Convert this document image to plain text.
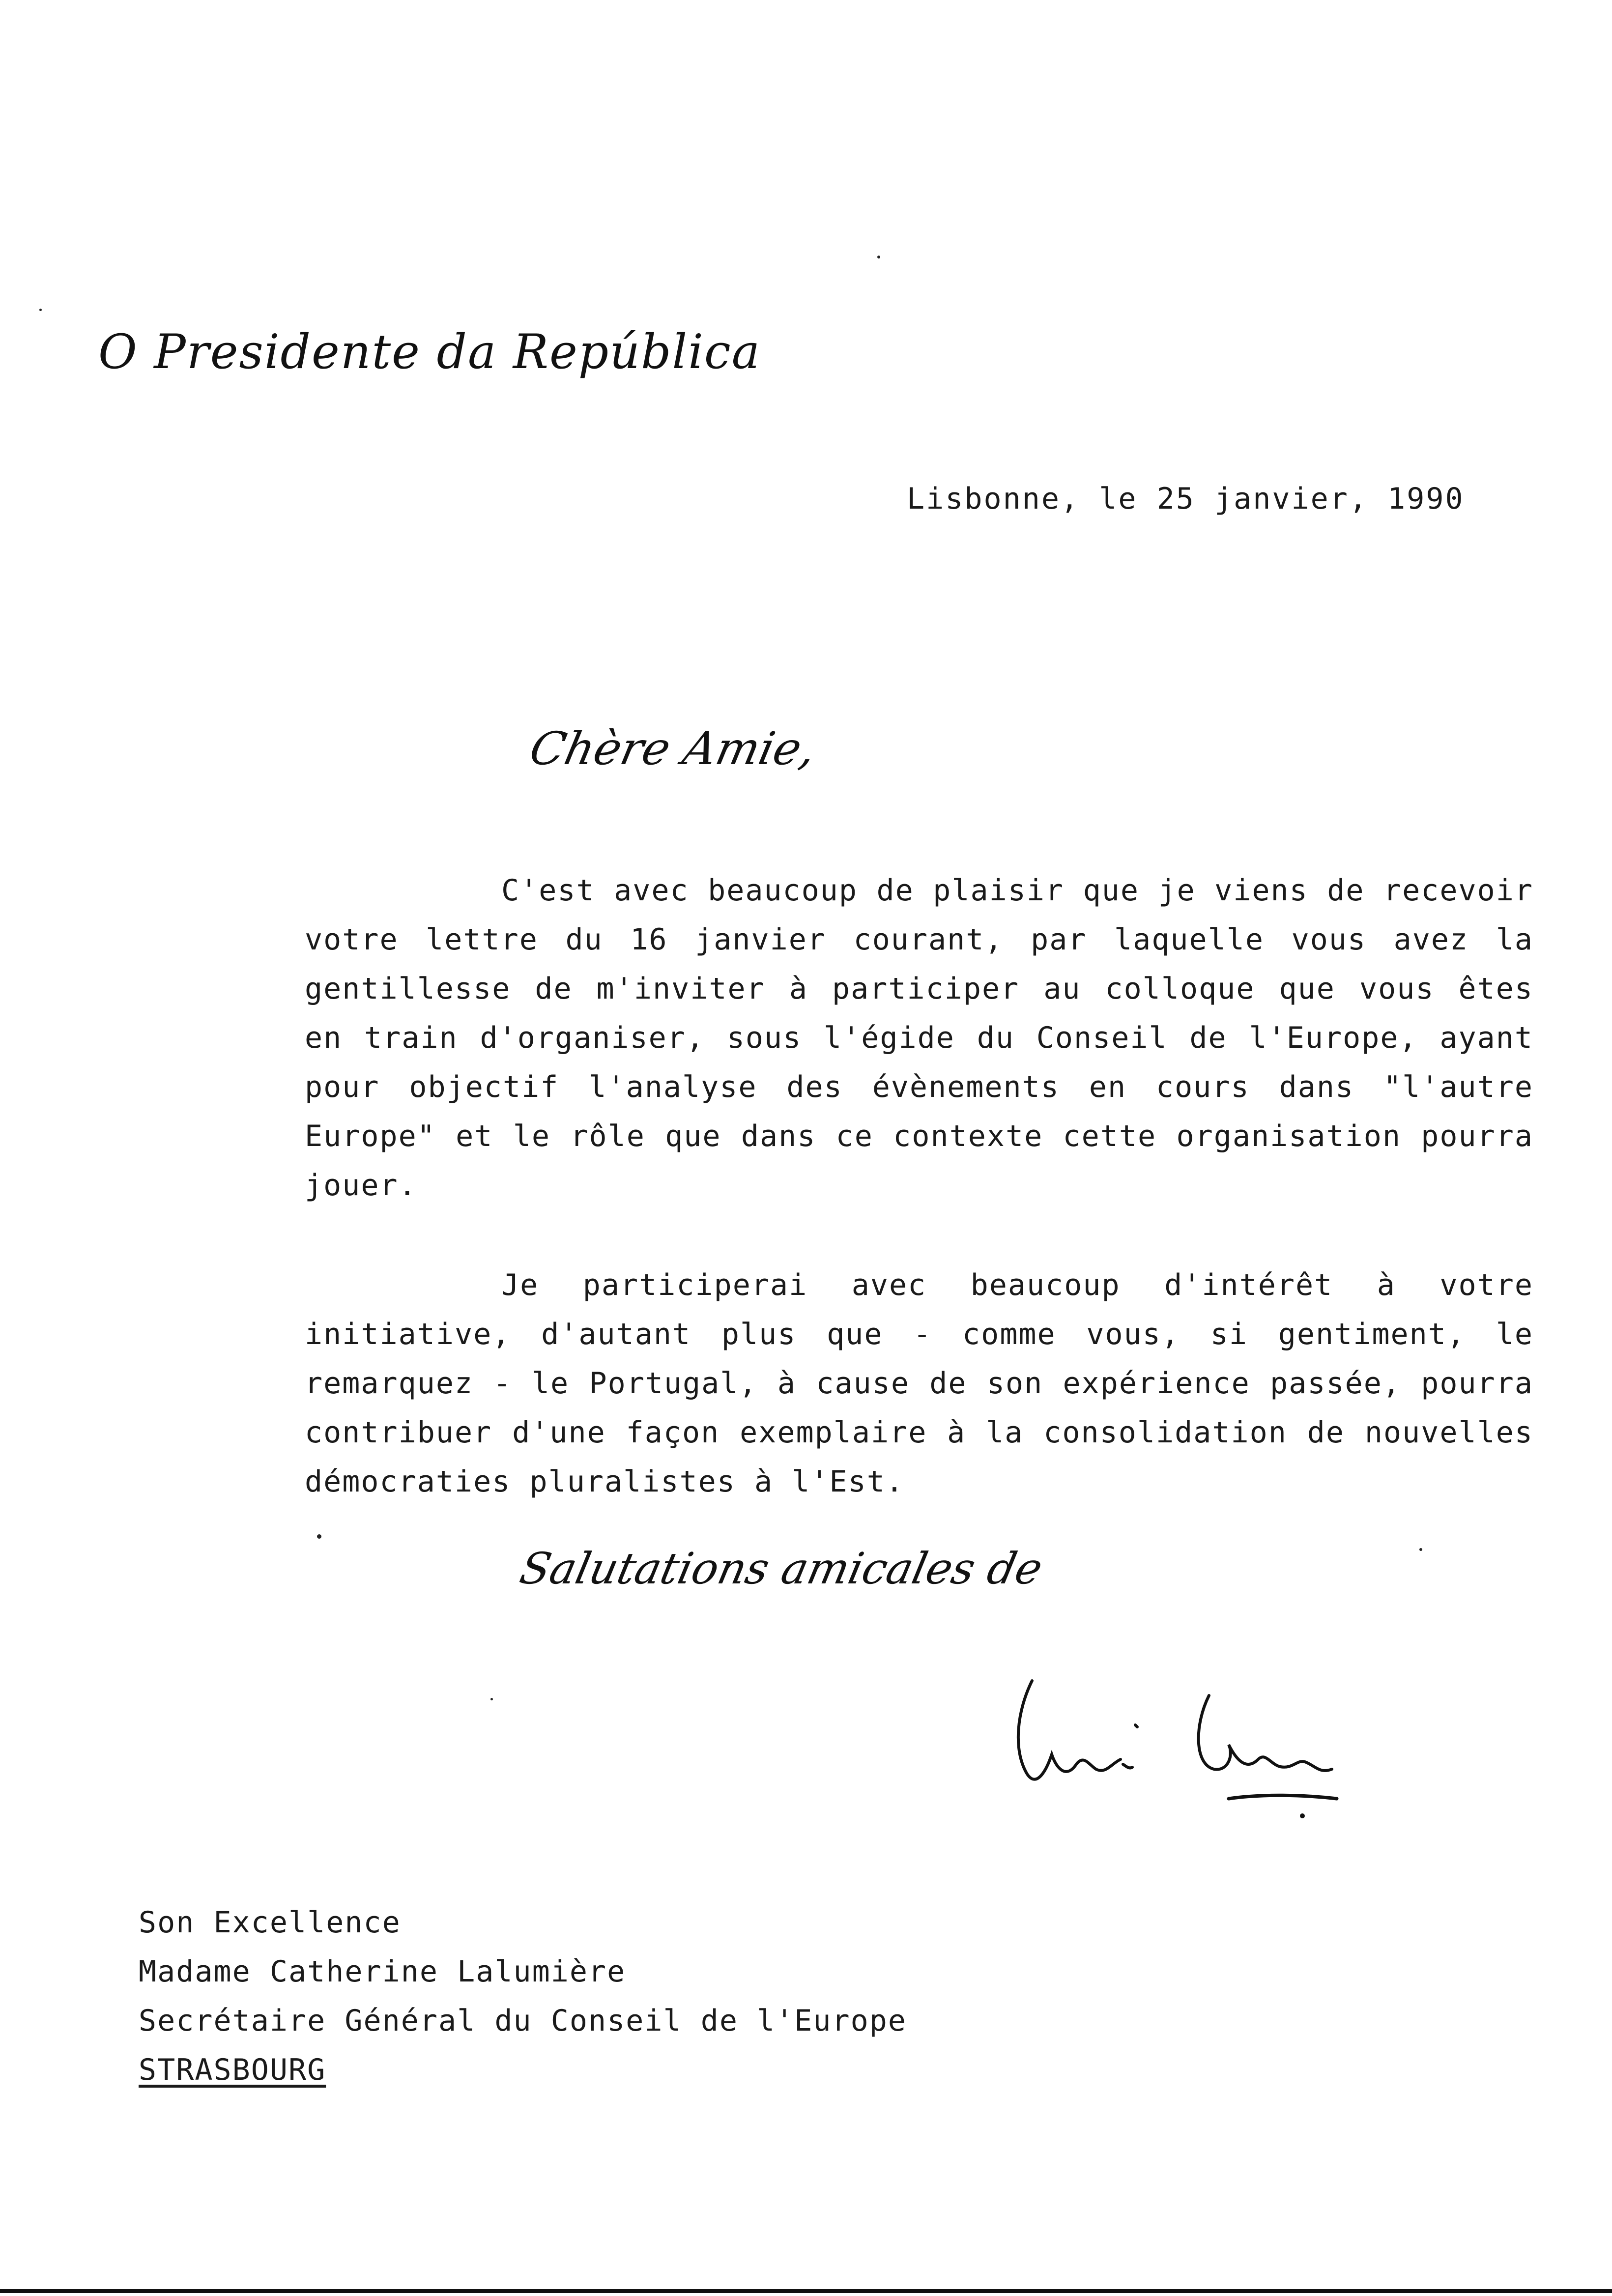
O Presidente da República
Lisbonne, le 25 janvier, 1990
Chère Amie,

C'est avec beaucoup de plaisir que je viens de recevoir votre lettre du 16 janvier courant, par laquelle vous avez la gentillesse de m'inviter à participer au colloque que vous êtes en train d'organiser, sous l'égide du Conseil de l'Europe, ayant pour objectif l'analyse des évènements en cours dans "l'autre Europe" et le rôle que dans ce contexte cette organisation pourra jouer.

Je participerai avec beaucoup d'intérêt à votre initiative, d'autant plus que - comme vous, si gentiment, le remarquez - le Portugal, à cause de son expérience passée, pourra contribuer d'une façon exemplaire à la consolidation de nouvelles démocraties pluralistes à l'Est.

Salutations amicales de
Son Excellence
Madame Catherine Lalumière
Secrétaire Général du Conseil de l'Europe
STRASBOURG
